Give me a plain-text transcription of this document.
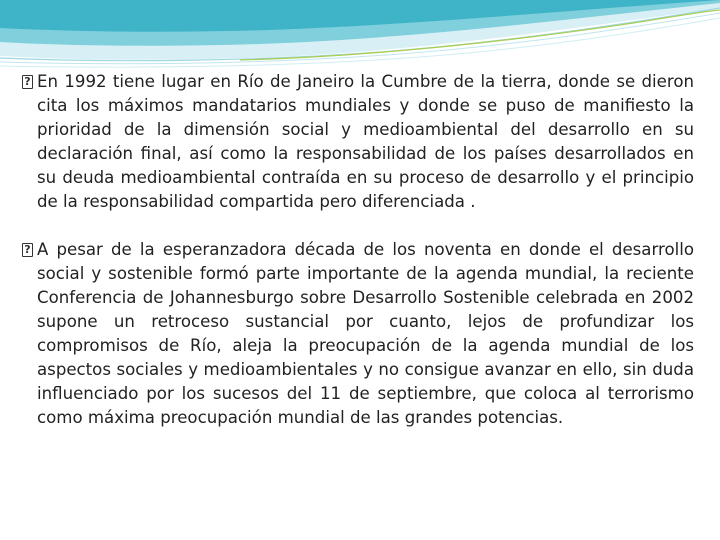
? En 1992 tiene lugar en Río de Janeiro la Cumbre de la tierra, donde se dieron cita los máximos mandatarios mundiales y donde se puso de manifiesto la prioridad de la dimensión social y medioambiental del desarrollo en su declaración final, así como la responsabilidad de los países desarrollados en su deuda medioambiental contraída en su proceso de desarrollo y el principio de la responsabilidad compartida pero diferenciada .

? A pesar de la esperanzadora década de los noventa en donde el desarrollo social y sostenible formó parte importante de la agenda mundial, la reciente Conferencia de Johannesburgo sobre Desarrollo Sostenible celebrada en 2002 supone un retroceso sustancial por cuanto, lejos de profundizar los compromisos de Río, aleja la preocupación de la agenda mundial de los aspectos sociales y medioambientales y no consigue avanzar en ello, sin duda influenciado por los sucesos del 11 de septiembre, que coloca al terrorismo como máxima preocupación mundial de las grandes potencias.
